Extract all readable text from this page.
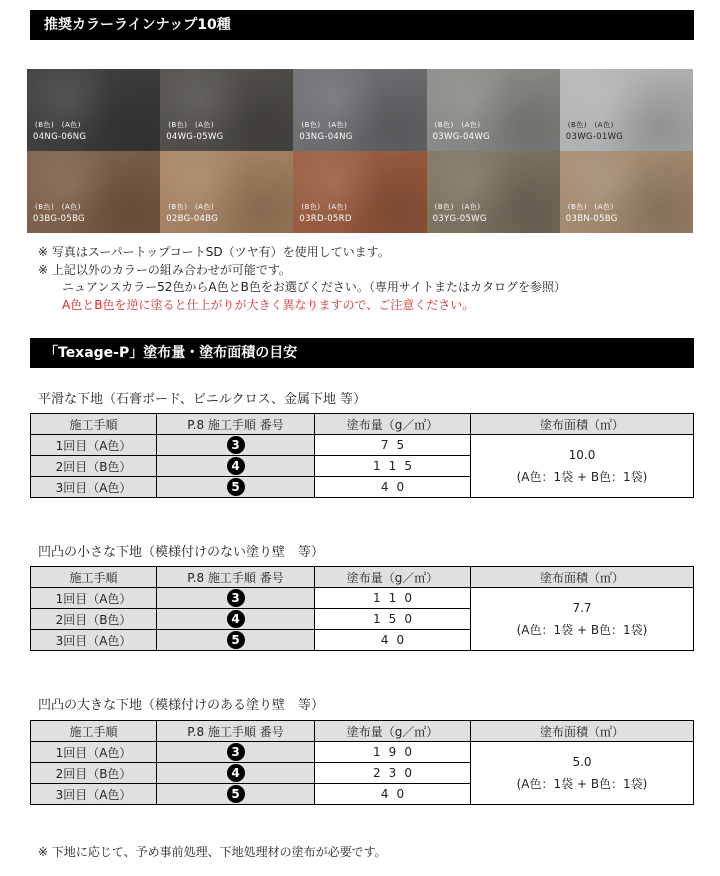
推奨カラーラインナップ10種
(B色)　(A色)
04NG-06NG
(B色)　(A色)
04WG-05WG
(B色)　(A色)
03NG-04NG
(B色)　(A色)
03WG-04WG
(B色)　(A色)
03WG-01WG
(B色)　(A色)
03BG-05BG
(B色)　(A色)
02BG-04BG
(B色)　(A色)
03RD-05RD
(B色)　(A色)
03YG-05WG
(B色)　(A色)
03BN-05BG
※ 写真はスーパートップコートSD（ツヤ有）を使用しています。
※ 上記以外のカラーの組み合わせが可能です。
ニュアンスカラー52色からA色とB色をお選びください。（専用サイトまたはカタログを参照）
A色とB色を逆に塗ると仕上がりが大きく異なりますので、ご注意ください。
「Texage-P」塗布量・塗布面積の目安
平滑な下地（石膏ボード、ビニルクロス、金属下地 等）
施工手順	P.8 施工手順 番号	塗布量（g／㎡）	塗布面積（㎡）
1回目（A色）	3	75	10.0
(A色：1袋 + B色：1袋)

2回目（B色）	4	115	
3回目（A色）	5	40	
凹凸の小さな下地（模様付けのない塗り壁　等）
施工手順	P.8 施工手順 番号	塗布量（g／㎡）	塗布面積（㎡）
1回目（A色）	3	110	7.7
(A色：1袋 + B色：1袋)

2回目（B色）	4	150	
3回目（A色）	5	40	
凹凸の大きな下地（模様付けのある塗り壁　等）
施工手順	P.8 施工手順 番号	塗布量（g／㎡）	塗布面積（㎡）
1回目（A色）	3	190	5.0
(A色：1袋 + B色：1袋)

2回目（B色）	4	230	
3回目（A色）	5	40	
※ 下地に応じて、予め事前処理、下地処理材の塗布が必要です。
